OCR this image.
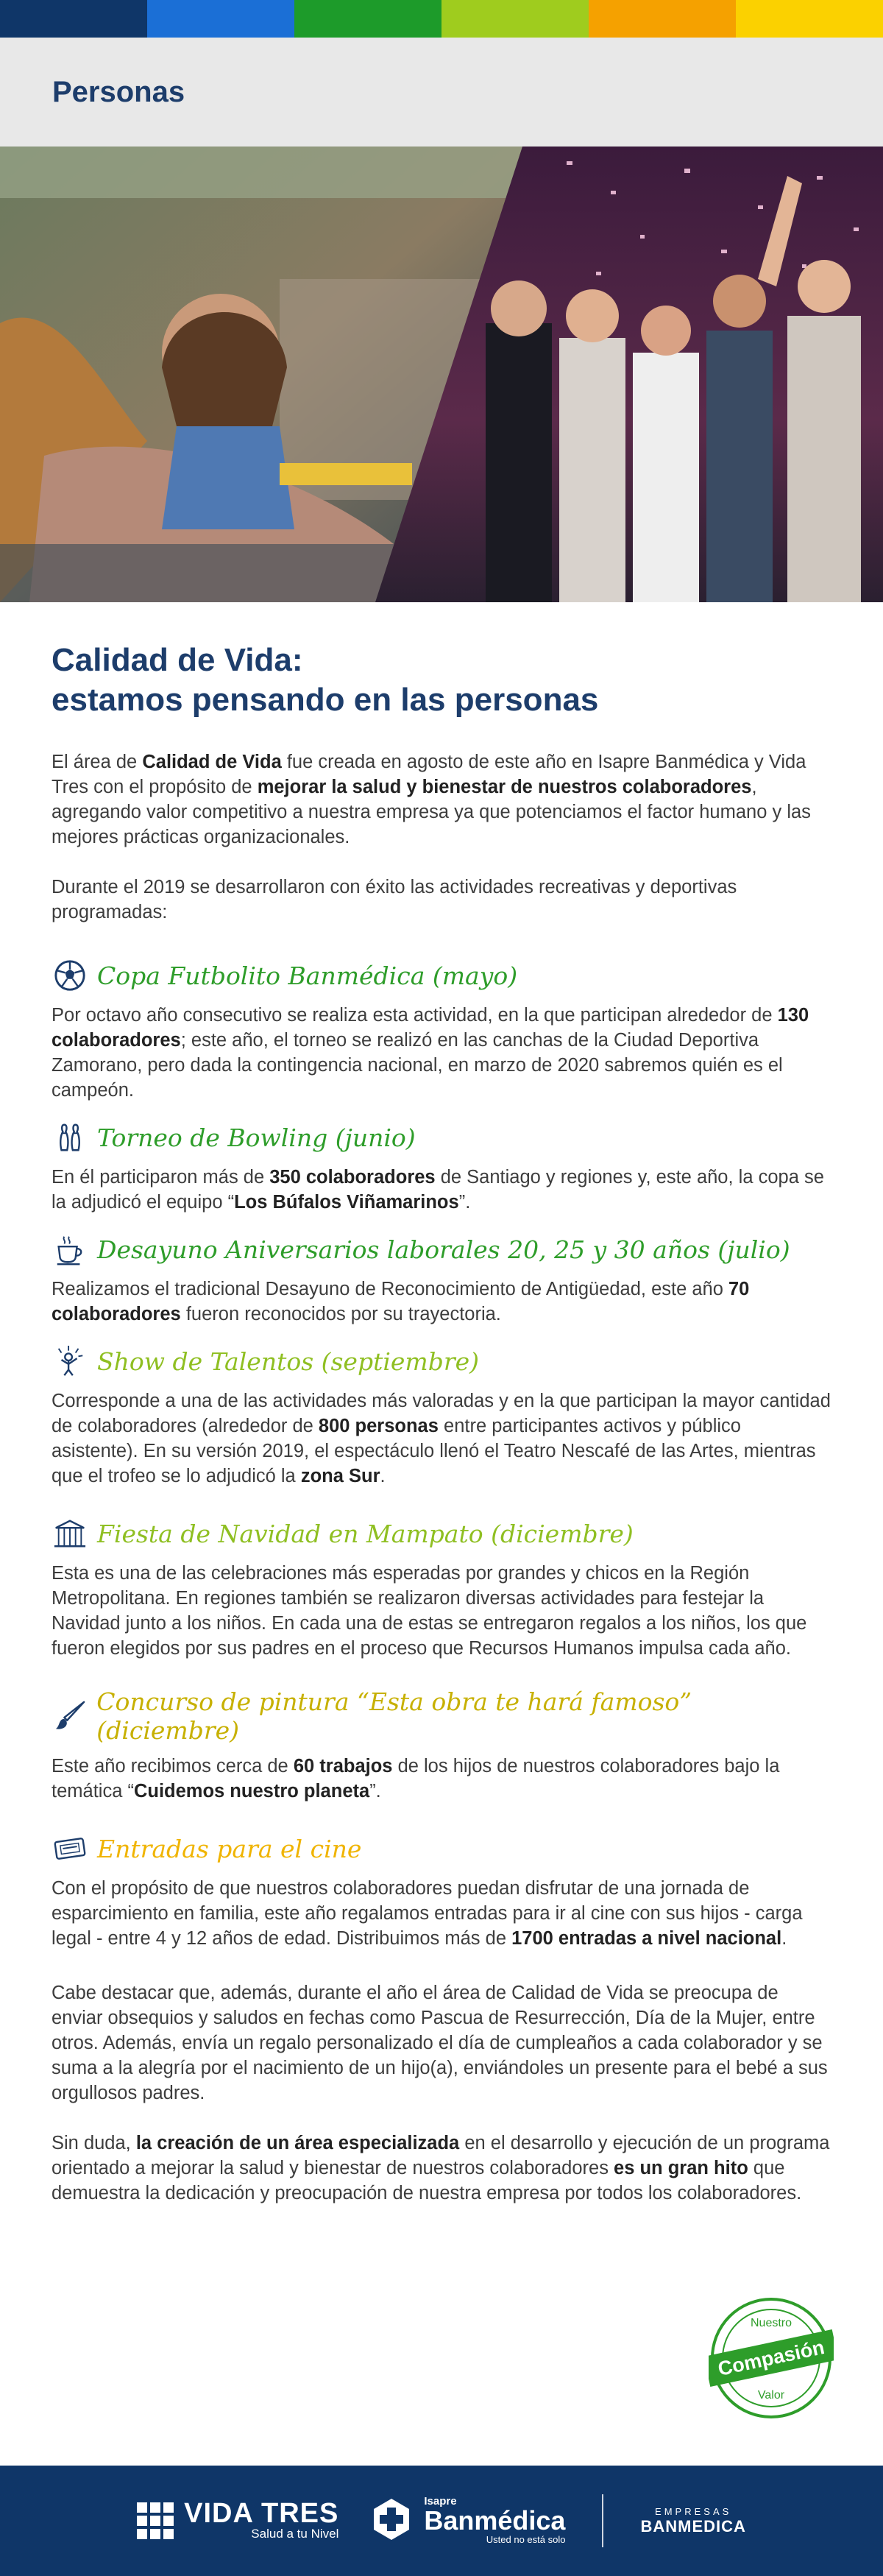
Personas
Calidad de Vida:
estamos pensando en las personas

El área de Calidad de Vida fue creada en agosto de este año en Isapre Banmédica y Vida Tres con el propósito de mejorar la salud y bienestar de nuestros colaboradores, agregando valor competitivo a nuestra empresa ya que potenciamos el factor humano y las mejores prácticas organizacionales.

Durante el 2019 se desarrollaron con éxito las actividades recreativas y deportivas programadas:

Copa Futbolito Banmédica (mayo)

Por octavo año consecutivo se realiza esta actividad, en la que participan alrededor de 130 colaboradores; este año, el torneo se realizó en las canchas de la Ciudad Deportiva Zamorano, pero dada la contingencia nacional, en marzo de 2020 sabremos quién es el campeón.

Torneo de Bowling (junio)

En él participaron más de 350 colaboradores de Santiago y regiones y, este año, la copa se la adjudicó el equipo “Los Búfalos Viñamarinos”.

Desayuno Aniversarios laborales 20, 25 y 30 años (julio)

Realizamos el tradicional Desayuno de Reconocimiento de Antigüedad, este año 70 colaboradores fueron reconocidos por su trayectoria.

Show de Talentos (septiembre)

Corresponde a una de las actividades más valoradas y en la que participan la mayor cantidad de colaboradores (alrededor de 800 personas entre participantes activos y público asistente). En su versión 2019, el espectáculo llenó el Teatro Nescafé de las Artes, mientras que el trofeo se lo adjudicó la zona Sur.

Fiesta de Navidad en Mampato (diciembre)

Esta es una de las celebraciones más esperadas por grandes y chicos en la Región Metropolitana. En regiones también se realizaron diversas actividades para festejar la Navidad junto a los niños. En cada una de estas se entregaron regalos a los niños, los que fueron elegidos por sus padres en el proceso que Recursos Humanos impulsa cada año.

Concurso de pintura “Esta obra te hará famoso” (diciembre)

Este año recibimos cerca de 60 trabajos de los hijos de nuestros colaboradores bajo la temática “Cuidemos nuestro planeta”.

Entradas para el cine

Con el propósito de que nuestros colaboradores puedan disfrutar de una jornada de esparcimiento en familia, este año regalamos entradas para ir al cine con sus hijos - carga legal - entre 4 y 12 años de edad. Distribuimos más de 1700 entradas a nivel nacional.

Cabe destacar que, además, durante el año el área de Calidad de Vida se preocupa de enviar obsequios y saludos en fechas como Pascua de Resurrección, Día de la Mujer, entre otros. Además, envía un regalo personalizado el día de cumpleaños a cada colaborador y se suma a la alegría por el nacimiento de un hijo(a), enviándoles un presente para el bebé a sus orgullosos padres.

Sin duda, la creación de un área especializada en el desarrollo y ejecución de un programa orientado a mejorar la salud y bienestar de nuestros colaboradores es un gran hito que demuestra la dedicación y preocupación de nuestra empresa por todos los colaboradores.

Nuestro
Compasión
Valor
VIDA TRES
Salud a tu Nivel
Isapre
Banmédica
Usted no está solo
EMPRESAS
BANMEDICA
